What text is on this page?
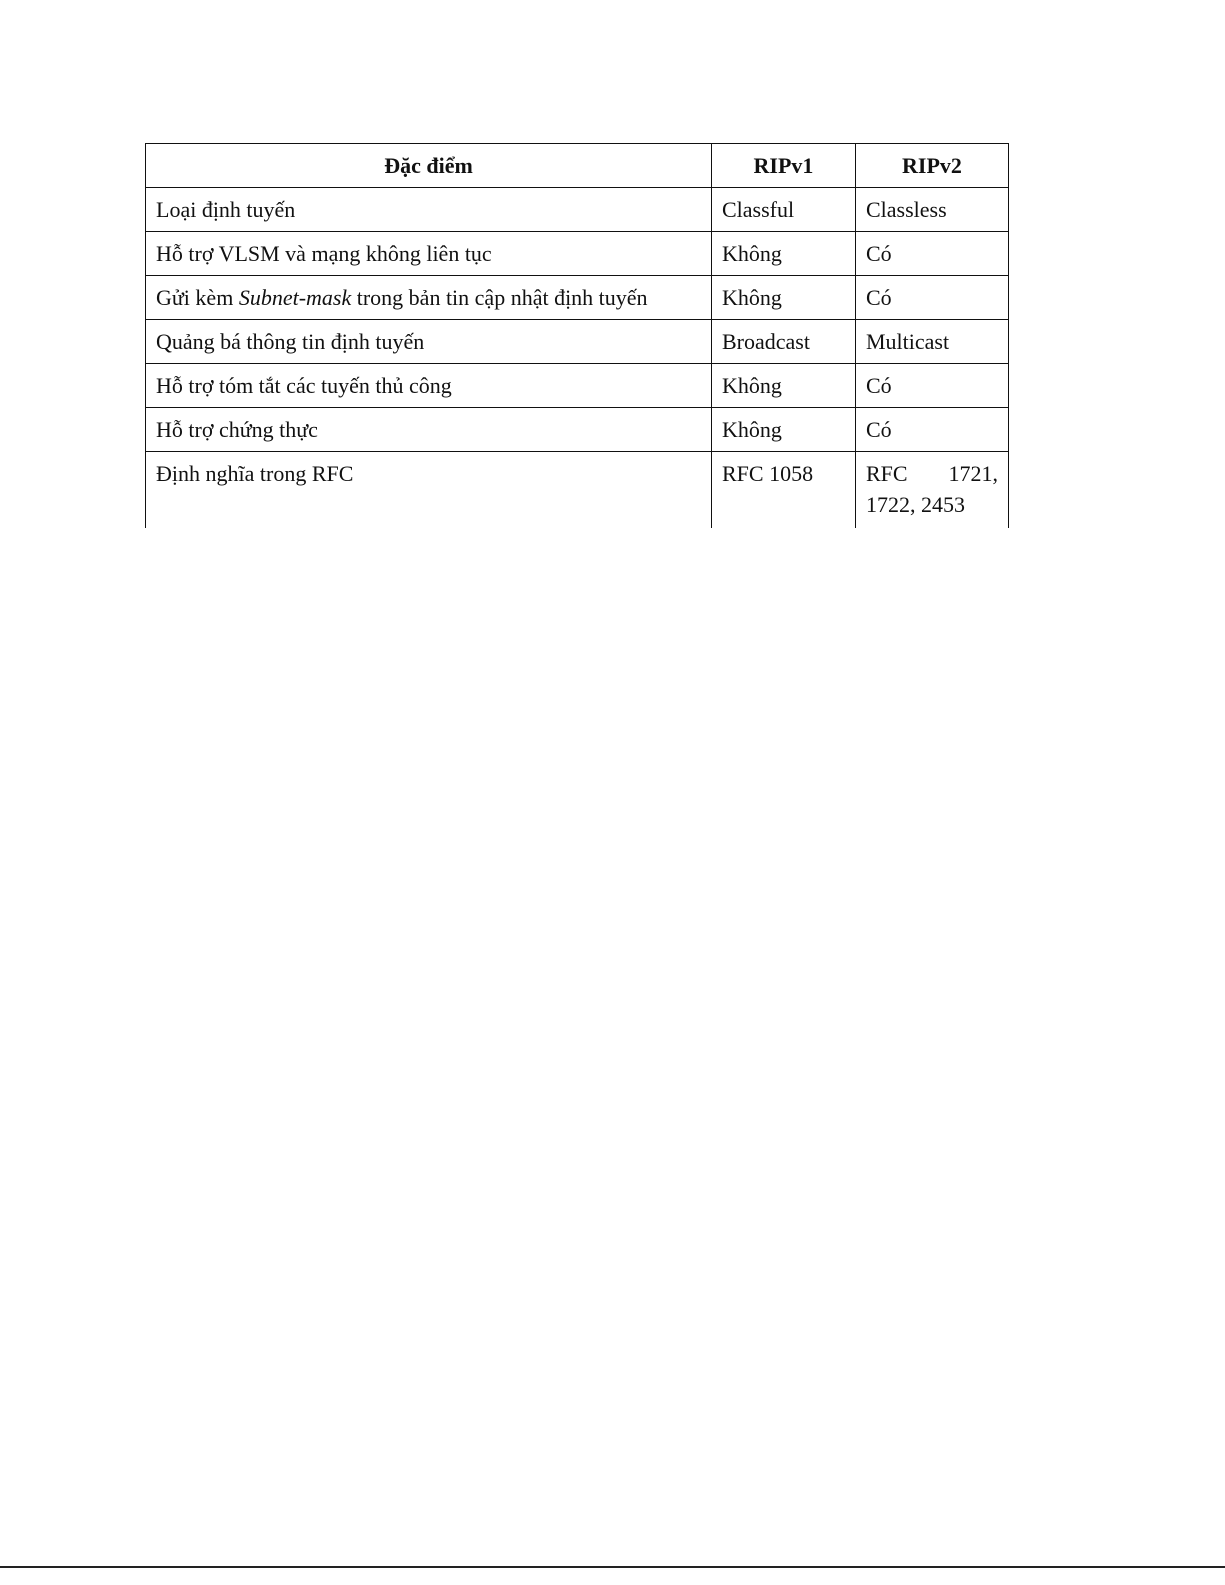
Đặc điểm	RIPv1	RIPv2
Loại định tuyến	Classful	Classless
Hỗ trợ VLSM và mạng không liên tục	Không	Có
Gửi kèm Subnet-mask trong bản tin cập nhật định tuyến	Không	Có
Quảng bá thông tin định tuyến	Broadcast	Multicast
Hỗ trợ tóm tắt các tuyến thủ công	Không	Có
Hỗ trợ chứng thực	Không	Có
Định nghĩa trong RFC	RFC 1058	RFC 1721,
1722, 2453
